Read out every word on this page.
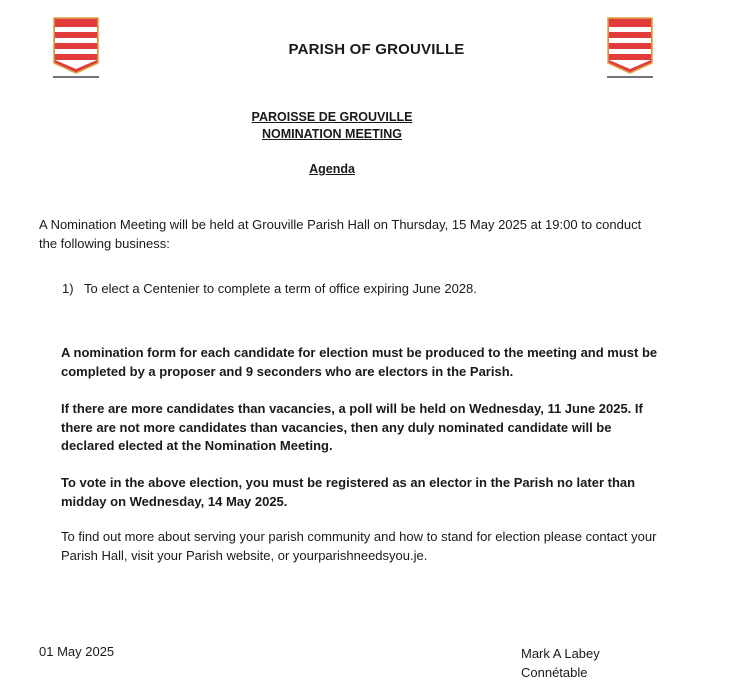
PARISH OF GROUVILLE
PAROISSE DE GROUVILLE
NOMINATION MEETING
Agenda
A Nomination Meeting will be held at Grouville Parish Hall on Thursday, 15 May 2025 at 19:00 to conduct the following business:
1) To elect a Centenier to complete a term of office expiring June 2028.
A nomination form for each candidate for election must be produced to the meeting and must be completed by a proposer and 9 seconders who are electors in the Parish.
If there are more candidates than vacancies, a poll will be held on Wednesday, 11 June 2025. If there are not more candidates than vacancies, then any duly nominated candidate will be declared elected at the Nomination Meeting.
To vote in the above election, you must be registered as an elector in the Parish no later than midday on Wednesday, 14 May 2025.
To find out more about serving your parish community and how to stand for election please contact your Parish Hall, visit your Parish website, or yourparishneedsyou.je.
01 May 2025	Mark A Labey
Connétable
